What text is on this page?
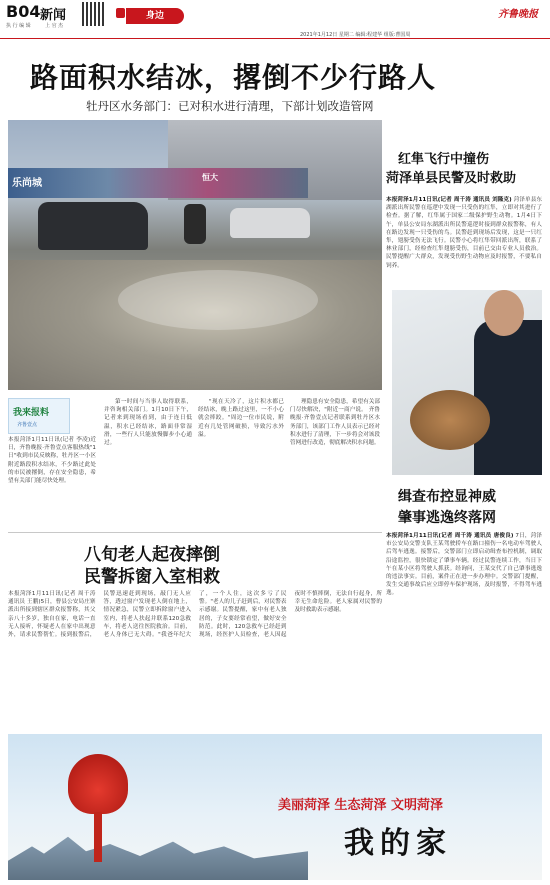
B04 新闻
执 行 编 辑	上 官 杰
身边	齐鲁晚报
2021年1月12日 星期二 编辑:程建华 组版:曹国周
路面积水结冰，撂倒不少行路人
牡丹区水务部门：已对积水进行清理，下部计划改造管网
乐尚城
恒大
红隼飞行中撞伤
菏泽单县民警及时救助
本报菏泽1月11日讯(记者 周千涛 通讯员 刘隆克) 菏泽单县东湖派出所民警在巡逻中发现一只受伤的红隼，立即对其进行了检查。据了解，红隼属于国家二级保护野生动物。1月4日下午，单县公安局东湖派出所民警巡逻时接到群众报警称，有人在路边发现一只受伤的鸟。民警赶到现场后发现，这是一只红隼，翅膀受伤无法飞行。民警小心将红隼带回派出所，联系了林业部门，经检查红隼翅膀受伤，目前已交由专业人员救治。民警提醒广大群众，发现受伤野生动物应及时报警，不要私自饲养。
我来报料
齐鲁壹点
本报菏泽1月11日讯(记者 李凌)近日，齐鲁晚报·齐鲁壹点客服热线"1日"收到市民反映称，牡丹区一小区附近路段积水结冰，不少路过此处的市民被撂倒，存在安全隐患，希望有关部门能尽快处理。
第一时间与当事人取得联系，并咨询相关部门。1月10日下午，记者来到现场看到，由于连日低温，积水已经结冰，路面非常湿滑，一些行人只能放慢脚步小心通过。
"现在天冷了，这片积水都已经结冰，晚上路过这里，一不小心就会摔跤。"周边一位市民说，附近有几处管网破损，导致污水外溢。
理隐患有安全隐患，希望有关部门尽快解决，"附近一商户说。 齐鲁晚报·齐鲁壹点记者联系到牡丹区水务部门，该部门工作人员表示已经对积水进行了清理，下一步将会对该段管网进行改造，彻底解决积水问题。
缉查布控显神威
肇事逃逸终落网
本报菏泽1月11日讯(记者 周千涛 通讯员 唐俊良) 7日，菏泽市公安局交警支队王某驾驶轿车在路口撞伤一名电动车驾驶人后驾车逃逸。接警后，交警部门立即启动缉查布控机制，调取沿途监控，很快锁定了肇事车辆。经过民警连续工作，当日下午在某小区将驾驶人抓获。经询问，王某交代了自己肇事逃逸的违法事实。目前，案件正在进一步办理中。交警部门提醒，发生交通事故后应立即停车保护现场，及时报警，不得驾车逃逸。
八旬老人起夜摔倒
民警拆窗入室相救
本报菏泽1月11日讯(记者 周千涛 通讯员 王鹏)5日，曹县公安局庄寨派出所接到辖区群众报警称，其父亲八十多岁，独自在家，电话一直无人接听，怀疑老人在家中出现意外，请求民警帮忙。接到报警后，民警迅速赶到现场，敲门无人应答，透过窗户发现老人倒在地上，情况紧急，民警立即拆除窗户进入室内，将老人扶起并联系120急救车，将老人送往医院救治。目前，老人身体已无大碍。"我爸年纪大了，一个人住，这次多亏了民警。"老人的儿子赶到后，对民警表示感谢。民警提醒，家中有老人独居的，子女要经常看望，做好安全防范。此时，120急救车已经赶到现场，经医护人员检查，老人因起夜时不慎摔倒，无法自行起身，所幸无生命危险。老人家属对民警的及时救助表示感谢。
美丽菏泽 生态菏泽 文明菏泽
我的家
